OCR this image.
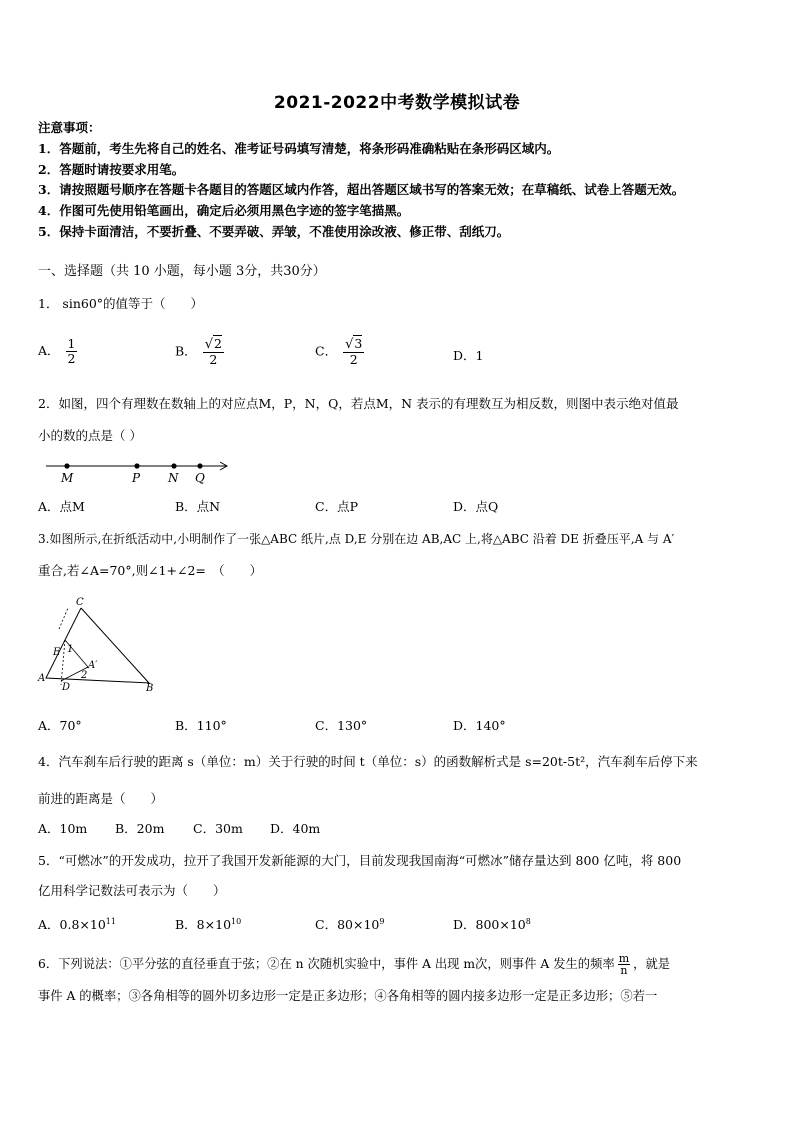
2021-2022中考数学模拟试卷
注意事项：
1．答题前，考生先将自己的姓名、准考证号码填写清楚，将条形码准确粘贴在条形码区域内。
2．答题时请按要求用笔。
3．请按照题号顺序在答题卡各题目的答题区域内作答，超出答题区域书写的答案无效；在草稿纸、试卷上答题无效。
4．作图可先使用铅笔画出，确定后必须用黑色字迹的签字笔描黑。
5．保持卡面清洁，不要折叠、不要弄破、弄皱，不准使用涂改液、修正带、刮纸刀。
一、选择题（共 10 小题，每小题 3分，共30分）
1． sin60°的值等于（　　）
A． $\frac{1}{2}$	B． $\frac{√2}{2}$	C． $\frac{√3}{2}$	D．1
2．如图，四个有理数在数轴上的对应点M，P，N，Q，若点M，N 表示的有理数互为相反数，则图中表示绝对值最
小的数的点是（ ）
M	P N Q
A．点M	B．点N	C．点P	D．点Q
3.如图所示,在折纸活动中,小明制作了一张△ABC 纸片,点 D,E 分别在边 AB,AC 上,将△ABC 沿着 DE 折叠压平,A 与 A′
重合,若∠A=70°,则∠1+∠2=　（　　）
C
E 1
A′
2
A
D	B
A．70°	B．110°	C．130°	D．140°
4．汽车刹车后行驶的距离 s（单位：m）关于行驶的时间 t（单位：s）的函数解析式是 s=20t-5t²，汽车刹车后停下来
前进的距离是（　　）
A．10m B．20m C．30m D．40m
5．“可燃冰”的开发成功，拉开了我国开发新能源的大门，目前发现我国南海“可燃冰”储存量达到 800 亿吨，将 800
亿用科学记数法可表示为（　　）
A．$0.8\times 10^{11}$	B．$8\times 10^{10}$	C．$80\times 10^9$	D．$800\times 10^8$
6．下列说法：①平分弦的直径垂直于弦；②在 n 次随机实验中，事件 A 出现 m次，则事件 A 发生的频率 $\frac{m}{n}$ ，就是
事件 A 的概率；③各角相等的圆外切多边形一定是正多边形；④各角相等的圆内接多边形一定是正多边形；⑤若一
